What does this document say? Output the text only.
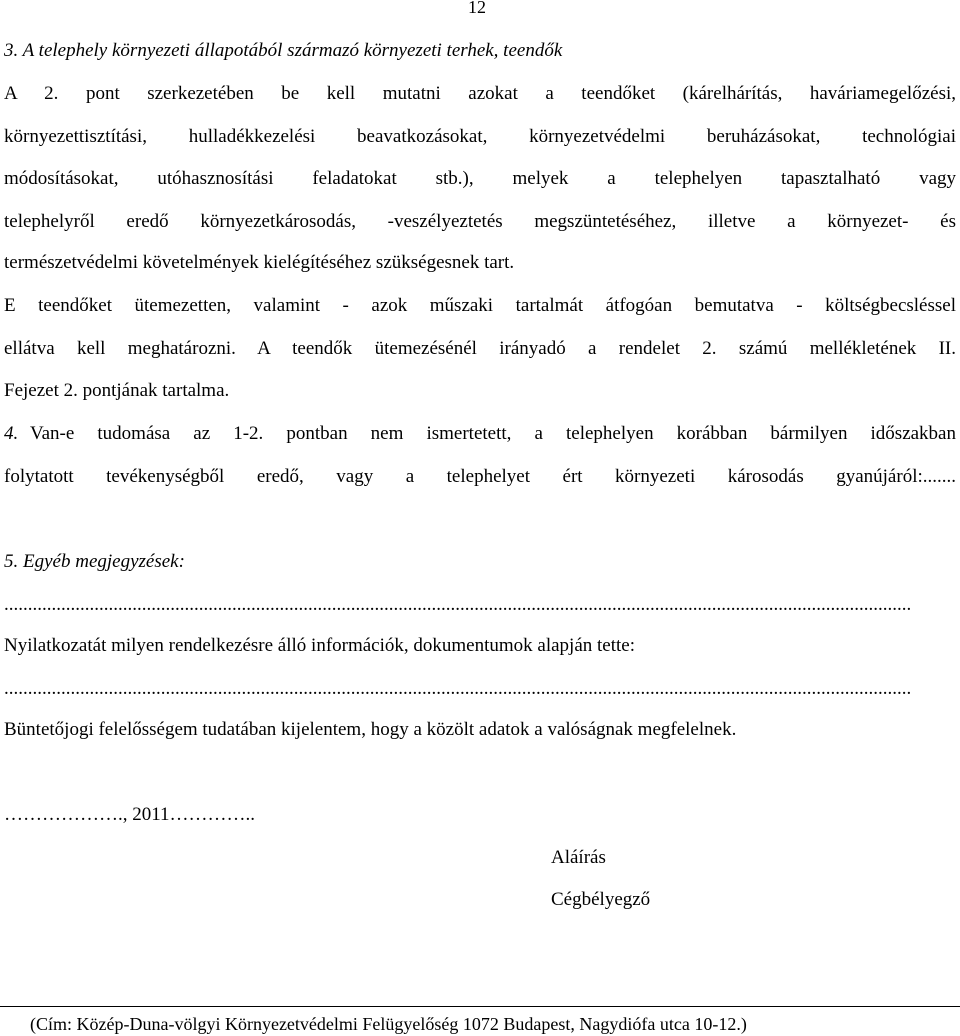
12
3. A telephely környezeti állapotából származó környezeti terhek, teendők
A 2. pont szerkezetében be kell mutatni azokat a teendőket (kárelhárítás, haváriamegelőzési,
környezettisztítási, hulladékkezelési beavatkozásokat, környezetvédelmi beruházásokat, technológiai
módosításokat, utóhasznosítási feladatokat stb.), melyek a telephelyen tapasztalható vagy
telephelyről eredő környezetkárosodás, -veszélyeztetés megszüntetéséhez, illetve a környezet- és
természetvédelmi követelmények kielégítéséhez szükségesnek tart.
E teendőket ütemezetten, valamint - azok műszaki tartalmát átfogóan bemutatva - költségbecsléssel
ellátva kell meghatározni. A teendők ütemezésénél irányadó a rendelet 2. számú mellékletének II.
Fejezet 2. pontjának tartalma.
4. Van-e tudomása az 1-2. pontban nem ismertetett, a telephelyen korábban bármilyen időszakban
folytatott tevékenységből eredő, vagy a telephelyet ért környezeti károsodás gyanújáról:.......
5. Egyéb megjegyzések:
...............................................................................................................................................................................................
Nyilatkozatát milyen rendelkezésre álló információk, dokumentumok alapján tette:
...............................................................................................................................................................................................
Büntetőjogi felelősségem tudatában kijelentem, hogy a közölt adatok a valóságnak megfelelnek.
………………., 2011…………..
Aláírás
Cégbélyegző
(Cím: Közép-Duna-völgyi Környezetvédelmi Felügyelőség 1072 Budapest, Nagydiófa utca 10-12.)
